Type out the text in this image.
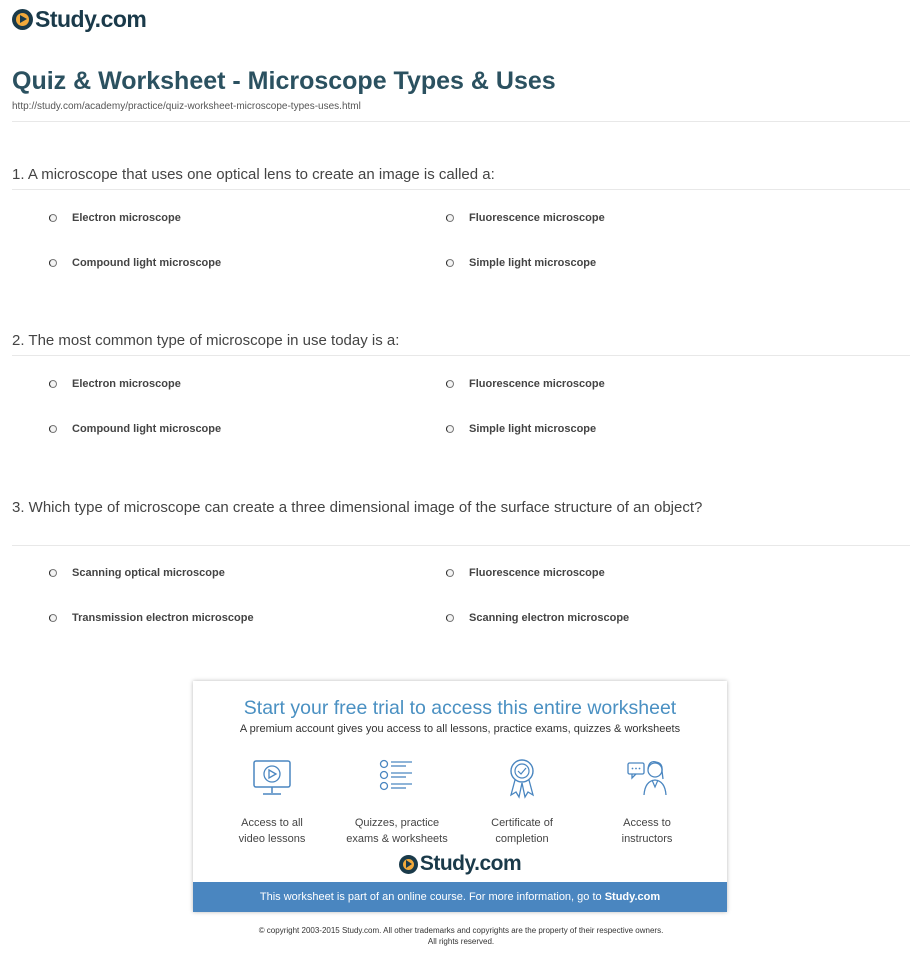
Study.com
Quiz & Worksheet - Microscope Types & Uses
http://study.com/academy/practice/quiz-worksheet-microscope-types-uses.html
1. A microscope that uses one optical lens to create an image is called a:
Electron microscope	Fluorescence microscope
Compound light microscope	Simple light microscope
2. The most common type of microscope in use today is a:
Electron microscope	Fluorescence microscope
Compound light microscope	Simple light microscope
3. Which type of microscope can create a three dimensional image of the surface structure of an object?
Scanning optical microscope	Fluorescence microscope
Transmission electron microscope	Scanning electron microscope
Start your free trial to access this entire worksheet
A premium account gives you access to all lessons, practice exams, quizzes & worksheets
Access to all
video lessons
Quizzes, practice
exams & worksheets
Certificate of
completion
Access to
instructors
Study.com
This worksheet is part of an online course. For more information, go to Study.com
© copyright 2003-2015 Study.com. All other trademarks and copyrights are the property of their respective owners.
All rights reserved.
